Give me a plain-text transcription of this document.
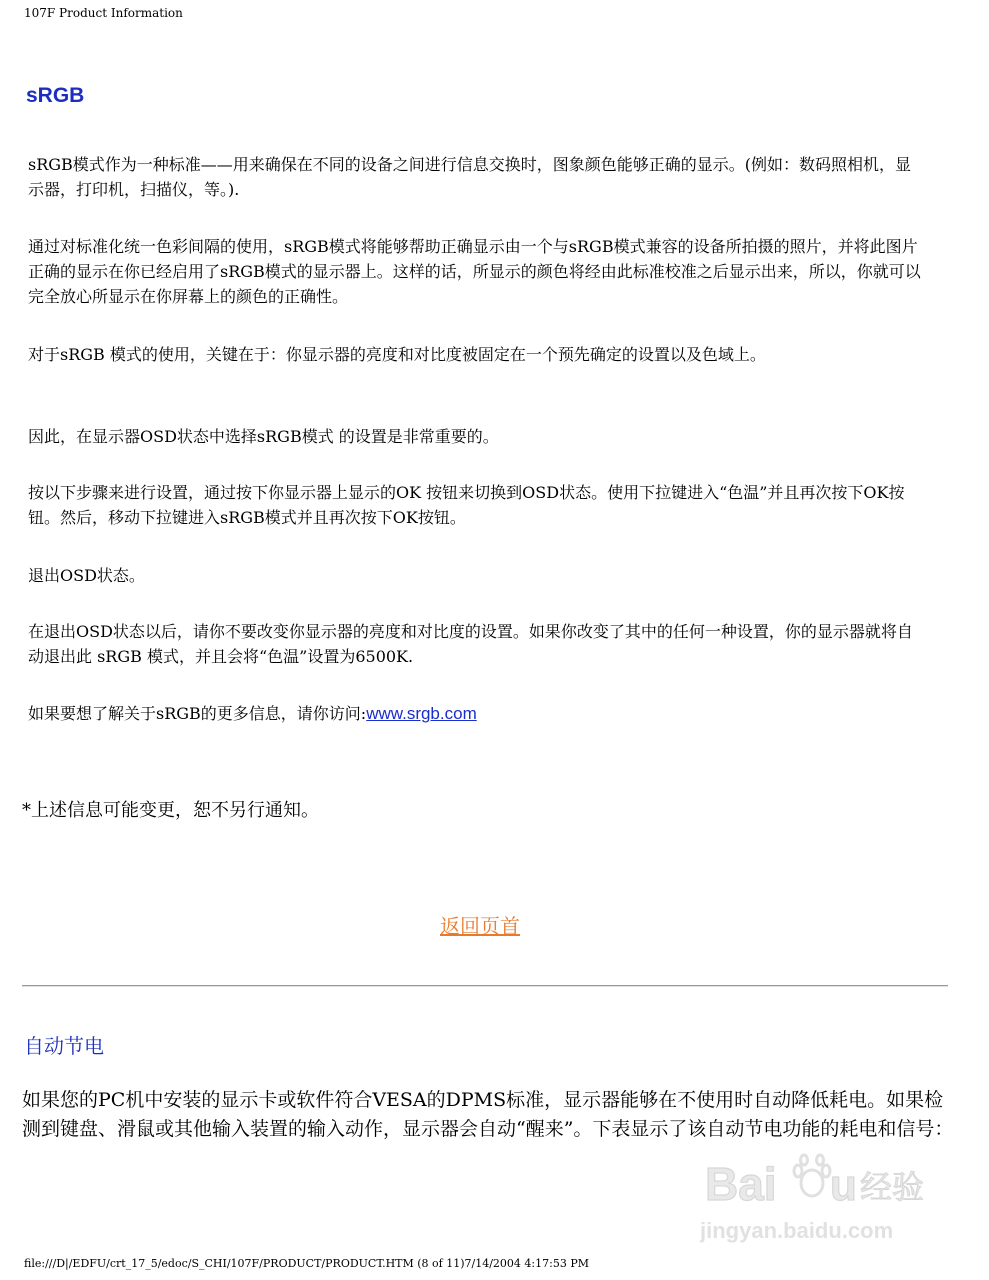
107F Product Information
sRGB
sRGB模式作为一种标准——用来确保在不同的设备之间进行信息交换时，图象颜色能够正确的显示。(例如：数码照相机，显示器，打印机，扫描仪，等。).
通过对标准化统一色彩间隔的使用，sRGB模式将能够帮助正确显示由一个与sRGB模式兼容的设备所拍摄的照片，并将此图片正确的显示在你已经启用了sRGB模式的显示器上。这样的话，所显示的颜色将经由此标准校准之后显示出来，所以，你就可以完全放心所显示在你屏幕上的颜色的正确性。
对于sRGB 模式的使用，关键在于：你显示器的亮度和对比度被固定在一个预先确定的设置以及色域上。
因此，在显示器OSD状态中选择sRGB模式 的设置是非常重要的。
按以下步骤来进行设置，通过按下你显示器上显示的OK 按钮来切换到OSD状态。使用下拉键进入“色温”并且再次按下OK按钮。然后，移动下拉键进入sRGB模式并且再次按下OK按钮。
退出OSD状态。
在退出OSD状态以后，请你不要改变你显示器的亮度和对比度的设置。如果你改变了其中的任何一种设置，你的显示器就将自动退出此 sRGB 模式，并且会将“色温”设置为6500K.
如果要想了解关于sRGB的更多信息，请你访问:www.srgb.com
*上述信息可能变更，恕不另行通知。
返回页首
自动节电
如果您的PC机中安装的显示卡或软件符合VESA的DPMS标准，显示器能够在不使用时自动降低耗电。如果检测到键盘、滑鼠或其他输入装置的输入动作，显示器会自动“醒来”。下表显示了该自动节电功能的耗电和信号：
Bai u 经验
jingyan.baidu.com
file:///D|/EDFU/crt_17_5/edoc/S_CHI/107F/PRODUCT/PRODUCT.HTM (8 of 11)7/14/2004 4:17:53 PM
